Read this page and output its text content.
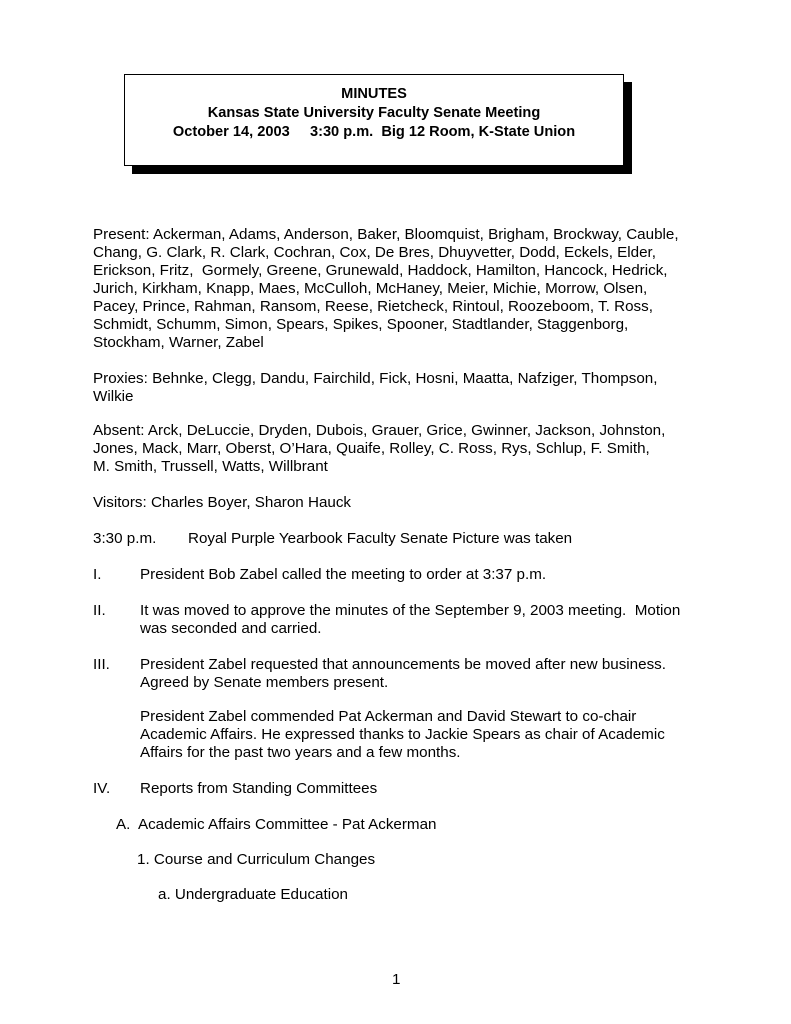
MINUTES
Kansas State University Faculty Senate Meeting
October 14, 2003     3:30 p.m.  Big 12 Room, K-State Union
Present: Ackerman, Adams, Anderson, Baker, Bloomquist, Brigham, Brockway, Cauble,
Chang, G. Clark, R. Clark, Cochran, Cox, De Bres, Dhuyvetter, Dodd, Eckels, Elder,
Erickson, Fritz,  Gormely, Greene, Grunewald, Haddock, Hamilton, Hancock, Hedrick,
Jurich, Kirkham, Knapp, Maes, McCulloh, McHaney, Meier, Michie, Morrow, Olsen,
Pacey, Prince, Rahman, Ransom, Reese, Rietcheck, Rintoul, Roozeboom, T. Ross,
Schmidt, Schumm, Simon, Spears, Spikes, Spooner, Stadtlander, Staggenborg,
Stockham, Warner, Zabel
Proxies: Behnke, Clegg, Dandu, Fairchild, Fick, Hosni, Maatta, Nafziger, Thompson,
Wilkie
Absent: Arck, DeLuccie, Dryden, Dubois, Grauer, Grice, Gwinner, Jackson, Johnston,
Jones, Mack, Marr, Oberst, O’Hara, Quaife, Rolley, C. Ross, Rys, Schlup, F. Smith,
M. Smith, Trussell, Watts, Willbrant
Visitors: Charles Boyer, Sharon Hauck
3:30 p.m. Royal Purple Yearbook Faculty Senate Picture was taken
I.	President Bob Zabel called the meeting to order at 3:37 p.m.
II. It was moved to approve the minutes of the September 9, 2003 meeting.  Motion
was seconded and carried.
III. President Zabel requested that announcements be moved after new business.
Agreed by Senate members present.
President Zabel commended Pat Ackerman and David Stewart to co-chair
Academic Affairs. He expressed thanks to Jackie Spears as chair of Academic
Affairs for the past two years and a few months.
IV. Reports from Standing Committees
A.  Academic Affairs Committee - Pat Ackerman
1. Course and Curriculum Changes
a. Undergraduate Education
1
